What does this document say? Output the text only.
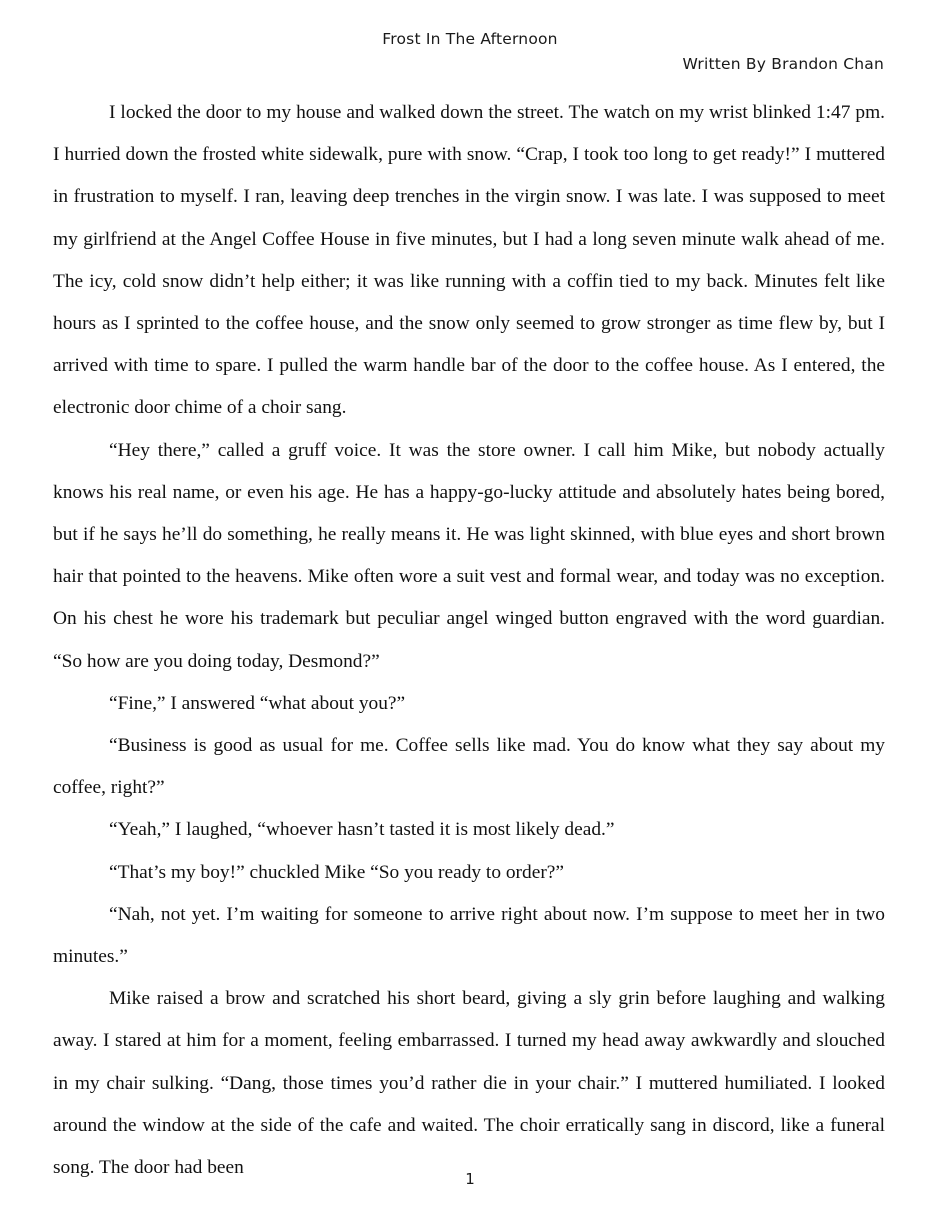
Frost In The Afternoon
Written By Brandon Chan

I locked the door to my house and walked down the street. The watch on my wrist blinked 1:47 pm. I hurried down the frosted white sidewalk, pure with snow. “Crap, I took too long to get ready!” I muttered in frustration to myself. I ran, leaving deep trenches in the virgin snow. I was late. I was supposed to meet my girlfriend at the Angel Coffee House in five minutes, but I had a long seven minute walk ahead of me. The icy, cold snow didn’t help either; it was like running with a coffin tied to my back. Minutes felt like hours as I sprinted to the coffee house, and the snow only seemed to grow stronger as time flew by, but I arrived with time to spare. I pulled the warm handle bar of the door to the coffee house. As I entered, the electronic door chime of a choir sang.

“Hey there,” called a gruff voice. It was the store owner. I call him Mike, but nobody actually knows his real name, or even his age. He has a happy-go-lucky attitude and absolutely hates being bored, but if he says he’ll do something, he really means it. He was light skinned, with blue eyes and short brown hair that pointed to the heavens. Mike often wore a suit vest and formal wear, and today was no exception. On his chest he wore his trademark but peculiar angel winged button engraved with the word guardian. “So how are you doing today, Desmond?”

“Fine,” I answered “what about you?”

“Business is good as usual for me. Coffee sells like mad. You do know what they say about my coffee, right?”

“Yeah,” I laughed, “whoever hasn’t tasted it is most likely dead.”

“That’s my boy!” chuckled Mike “So you ready to order?”

“Nah, not yet. I’m waiting for someone to arrive right about now. I’m suppose to meet her in two minutes.”

Mike raised a brow and scratched his short beard, giving a sly grin before laughing and walking away. I stared at him for a moment, feeling embarrassed. I turned my head away awkwardly and slouched in my chair sulking. “Dang, those times you’d rather die in your chair.” I muttered humiliated. I looked around the window at the side of the cafe and waited. The choir erratically sang in discord, like a funeral song. The door had been

1
